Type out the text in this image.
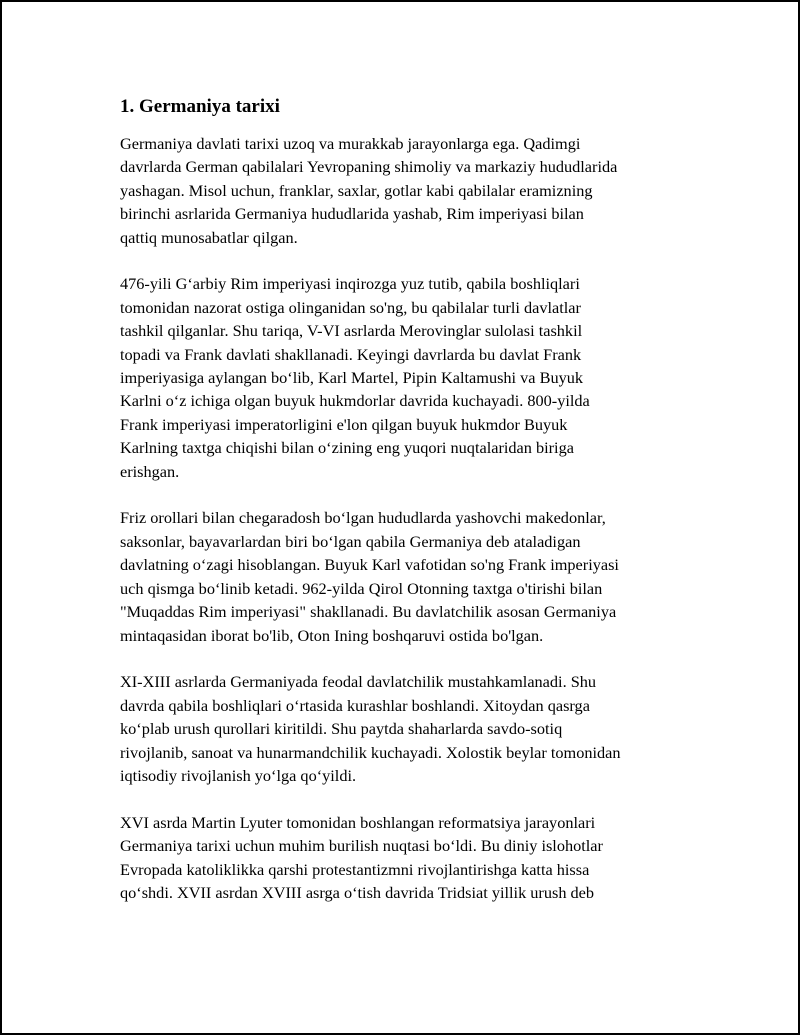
1. Germaniya tarixi

Germaniya davlati tarixi uzoq va murakkab jarayonlarga ega. Qadimgi
davrlarda German qabilalari Yevropaning shimoliy va markaziy hududlarida
yashagan. Misol uchun, franklar, saxlar, gotlar kabi qabilalar eramizning
birinchi asrlarida Germaniya hududlarida yashab, Rim imperiyasi bilan
qattiq munosabatlar qilgan.

476-yili G‘arbiy Rim imperiyasi inqirozga yuz tutib, qabila boshliqlari
tomonidan nazorat ostiga olinganidan so'ng, bu qabilalar turli davlatlar
tashkil qilganlar. Shu tariqa, V-VI asrlarda Merovinglar sulolasi tashkil
topadi va Frank davlati shakllanadi. Keyingi davrlarda bu davlat Frank
imperiyasiga aylangan bo‘lib, Karl Martel, Pipin Kaltamushi va Buyuk
Karlni o‘z ichiga olgan buyuk hukmdorlar davrida kuchayadi. 800-yilda
Frank imperiyasi imperatorligini e'lon qilgan buyuk hukmdor Buyuk
Karlning taxtga chiqishi bilan o‘zining eng yuqori nuqtalaridan biriga
erishgan.

Friz orollari bilan chegaradosh bo‘lgan hududlarda yashovchi makedonlar,
saksonlar, bayavarlardan biri bo‘lgan qabila Germaniya deb ataladigan
davlatning o‘zagi hisoblangan. Buyuk Karl vafotidan so'ng Frank imperiyasi
uch qismga bo‘linib ketadi. 962-yilda Qirol Otonning taxtga o'tirishi bilan
"Muqaddas Rim imperiyasi" shakllanadi. Bu davlatchilik asosan Germaniya
mintaqasidan iborat bo'lib, Oton Ining boshqaruvi ostida bo'lgan.

XI-XIII asrlarda Germaniyada feodal davlatchilik mustahkamlanadi. Shu
davrda qabila boshliqlari o‘rtasida kurashlar boshlandi. Xitoydan qasrga
ko‘plab urush qurollari kiritildi. Shu paytda shaharlarda savdo-sotiq
rivojlanib, sanoat va hunarmandchilik kuchayadi. Xolostik beylar tomonidan
iqtisodiy rivojlanish yo‘lga qo‘yildi.

XVI asrda Martin Lyuter tomonidan boshlangan reformatsiya jarayonlari
Germaniya tarixi uchun muhim burilish nuqtasi bo‘ldi. Bu diniy islohotlar
Evropada katoliklikka qarshi protestantizmni rivojlantirishga katta hissa
qo‘shdi. XVII asrdan XVIII asrga o‘tish davrida Tridsiat yillik urush deb
